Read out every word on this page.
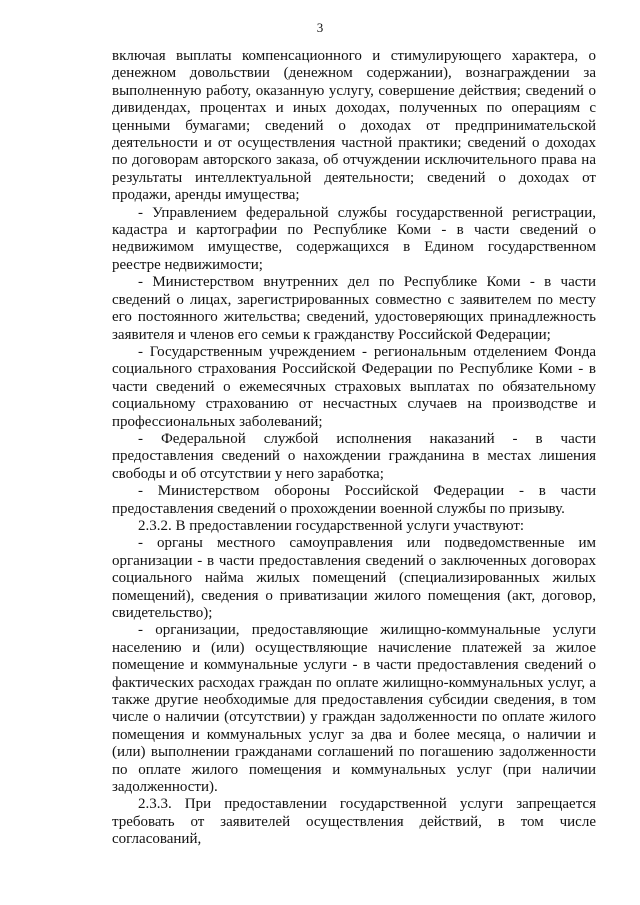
3

включая выплаты компенсационного и стимулирующего характера, о денежном довольствии (денежном содержании), вознаграждении за выполненную работу, оказанную услугу, совершение действия; сведений о дивидендах, процентах и иных доходах, полученных по операциям с ценными бумагами; сведений о доходах от предпринимательской деятельности и от осуществления частной практики; сведений о доходах по договорам авторского заказа, об отчуждении исключительного права на результаты интеллектуальной деятельности; сведений о доходах от продажи, аренды имущества;

- Управлением федеральной службы государственной регистрации, кадастра и картографии по Республике Коми - в части сведений о недвижимом имуществе, содержащихся в Едином государственном реестре недвижимости;

- Министерством внутренних дел по Республике Коми - в части сведений о лицах, зарегистрированных совместно с заявителем по месту его постоянного жительства; сведений, удостоверяющих принадлежность заявителя и членов его семьи к гражданству Российской Федерации;

- Государственным учреждением - региональным отделением Фонда социального страхования Российской Федерации по Республике Коми - в части сведений о ежемесячных страховых выплатах по обязательному социальному страхованию от несчастных случаев на производстве и профессиональных заболеваний;

- Федеральной службой исполнения наказаний - в части предоставления сведений о нахождении гражданина в местах лишения свободы и об отсутствии у него заработка;

- Министерством обороны Российской Федерации - в части предоставления сведений о прохождении военной службы по призыву.

2.3.2. В предоставлении государственной услуги участвуют:

- органы местного самоуправления или подведомственные им организации - в части предоставления сведений о заключенных договорах социального найма жилых помещений (специализированных жилых помещений), сведения о приватизации жилого помещения (акт, договор, свидетельство);

- организации, предоставляющие жилищно-коммунальные услуги населению и (или) осуществляющие начисление платежей за жилое помещение и коммунальные услуги - в части предоставления сведений о фактических расходах граждан по оплате жилищно-коммунальных услуг, а также другие необходимые для предоставления субсидии сведения, в том числе о наличии (отсутствии) у граждан задолженности по оплате жилого помещения и коммунальных услуг за два и более месяца, о наличии и (или) выполнении гражданами соглашений по погашению задолженности по оплате жилого помещения и коммунальных услуг (при наличии задолженности).

2.3.3. При предоставлении государственной услуги запрещается требовать от заявителей осуществления действий, в том числе согласований,
